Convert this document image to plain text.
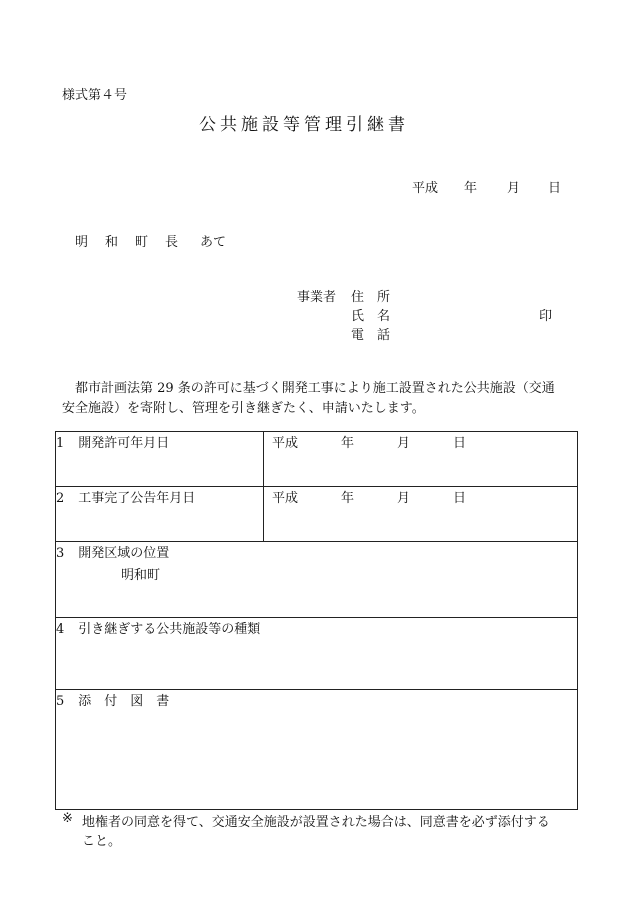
様式第４号
公共施設等管理引継書
平成 年 月 日
明　和　町　長 あて
事業者 住　所
氏　名	印
電　話
都市計画法第 29 条の許可に基づく開発工事により施工設置された公共施設（交通
安全施設）を寄附し、管理を引き継ぎたく、申請いたします。
1 開発許可年月日	平成 年 月 日
2 工事完了公告年月日	平成 年 月 日

3 開発区域の位置
明和町	

4 引き継ぎする公共施設等の種類	
5 添　付　図　書	
※ 地権者の同意を得て、交通安全施設が設置された場合は、同意書を必ず添付する
こと。
